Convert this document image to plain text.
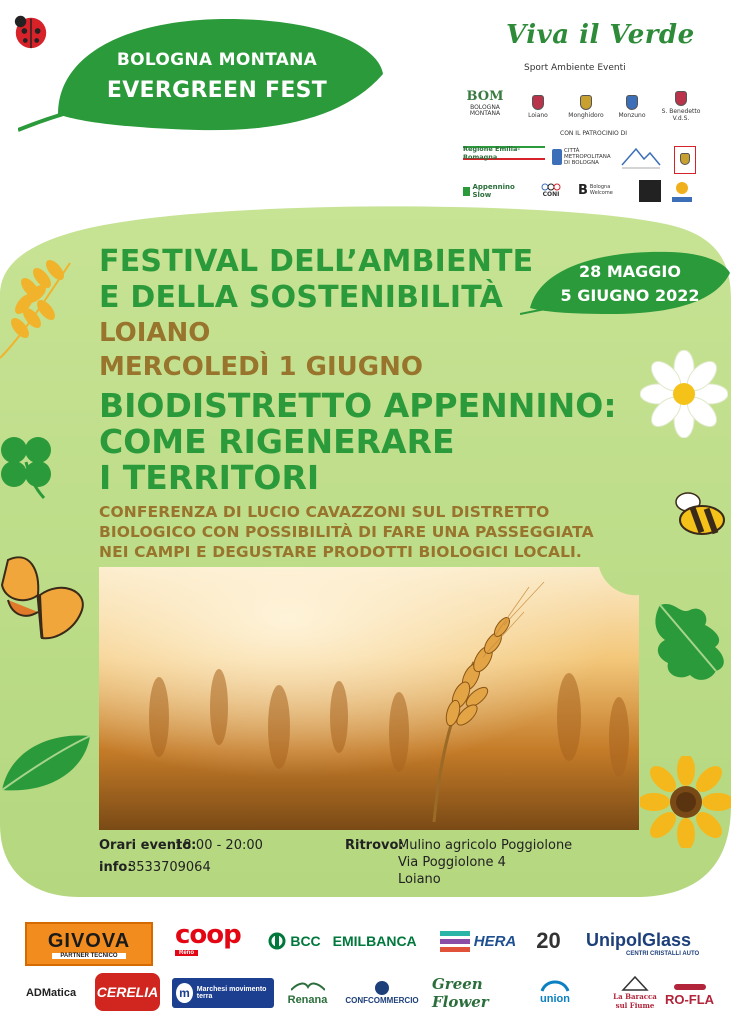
BOLOGNA MONTANA
EVERGREEN FEST
Viva il Verde
Sport Ambiente Eventi
BOM
BOLOGNA MONTANA	Loiano	Monghidoro Monzuno	S. Benedetto V.d.S.
CON IL PATROCINIO DI
Regione Emilia-Romagna
CITTÀ METROPOLITANA DI BOLOGNA
Appennino Slow	CONI B Bologna Welcome
FESTIVAL DELL’AMBIENTE
E DELLA SOSTENIBILITÀ
LOIANO
MERCOLEDÌ 1 GIUGNO
BIODISTRETTO APPENNINO:
COME RIGENERARE
I TERRITORI
CONFERENZA DI LUCIO CAVAZZONI SUL DISTRETTO
BIOLOGICO CON POSSIBILITÀ DI FARE UNA PASSEGGIATA
NEI CAMPI E DEGUSTARE PRODOTTI BIOLOGICI LOCALI.
28 MAGGIO
5 GIUGNO 2022
Orari evento:
18:00 - 20:00
info:
3533709064
Ritrovo:
Mulino agricolo Poggiolone
Via Poggiolone 4
Loiano
GIVOVA
PARTNER TECNICO
coop
Reno
BCC EMILBANCA	HERA 20	UnipolGlass
CENTRI CRISTALLI AUTO
ADMatica	CERELIA m	Marchesi movimento terra	Renana CONFCOMMERCIO
Green Flower	union	La Baracca sul Fiume RO-FLA
